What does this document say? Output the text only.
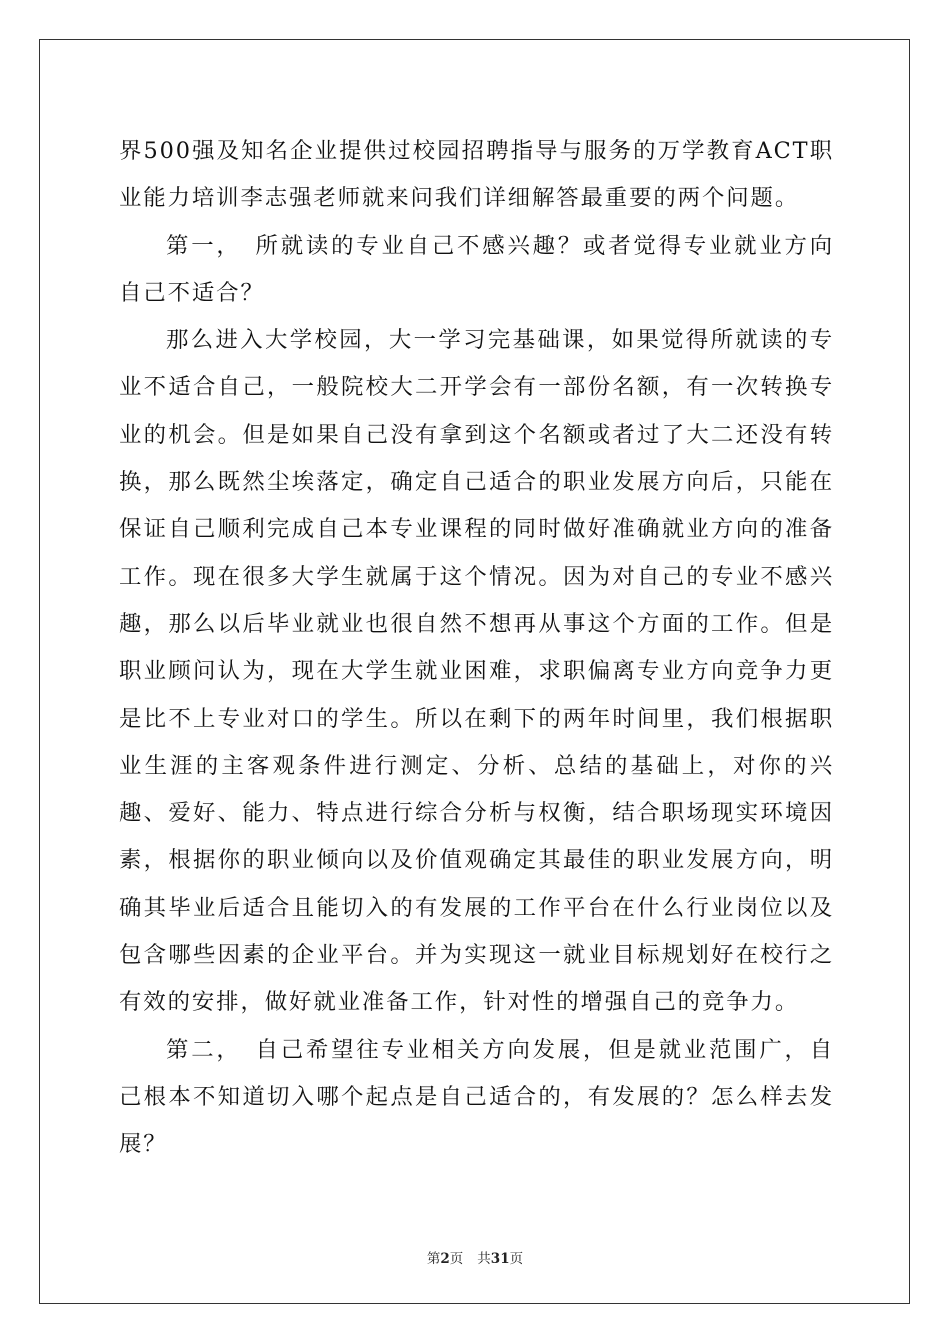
界500强及知名企业提供过校园招聘指导与服务的万学教育ACT职业能力培训李志强老师就来问我们详细解答最重要的两个问题。

第一，　所就读的专业自己不感兴趣？或者觉得专业就业方向自己不适合？

那么进入大学校园，大一学习完基础课，如果觉得所就读的专业不适合自己，一般院校大二开学会有一部份名额，有一次转换专业的机会。但是如果自己没有拿到这个名额或者过了大二还没有转换，那么既然尘埃落定，确定自己适合的职业发展方向后，只能在保证自己顺利完成自己本专业课程的同时做好准确就业方向的准备工作。现在很多大学生就属于这个情况。因为对自己的专业不感兴趣，那么以后毕业就业也很自然不想再从事这个方面的工作。但是职业顾问认为，现在大学生就业困难，求职偏离专业方向竞争力更是比不上专业对口的学生。所以在剩下的两年时间里，我们根据职业生涯的主客观条件进行测定、分析、总结的基础上，对你的兴趣、爱好、能力、特点进行综合分析与权衡，结合职场现实环境因素，根据你的职业倾向以及价值观确定其最佳的职业发展方向，明确其毕业后适合且能切入的有发展的工作平台在什么行业岗位以及包含哪些因素的企业平台。并为实现这一就业目标规划好在校行之有效的安排，做好就业准备工作，针对性的增强自己的竞争力。

第二，　自己希望往专业相关方向发展，但是就业范围广，自己根本不知道切入哪个起点是自己适合的，有发展的？怎么样去发展？

第2页 共31页
